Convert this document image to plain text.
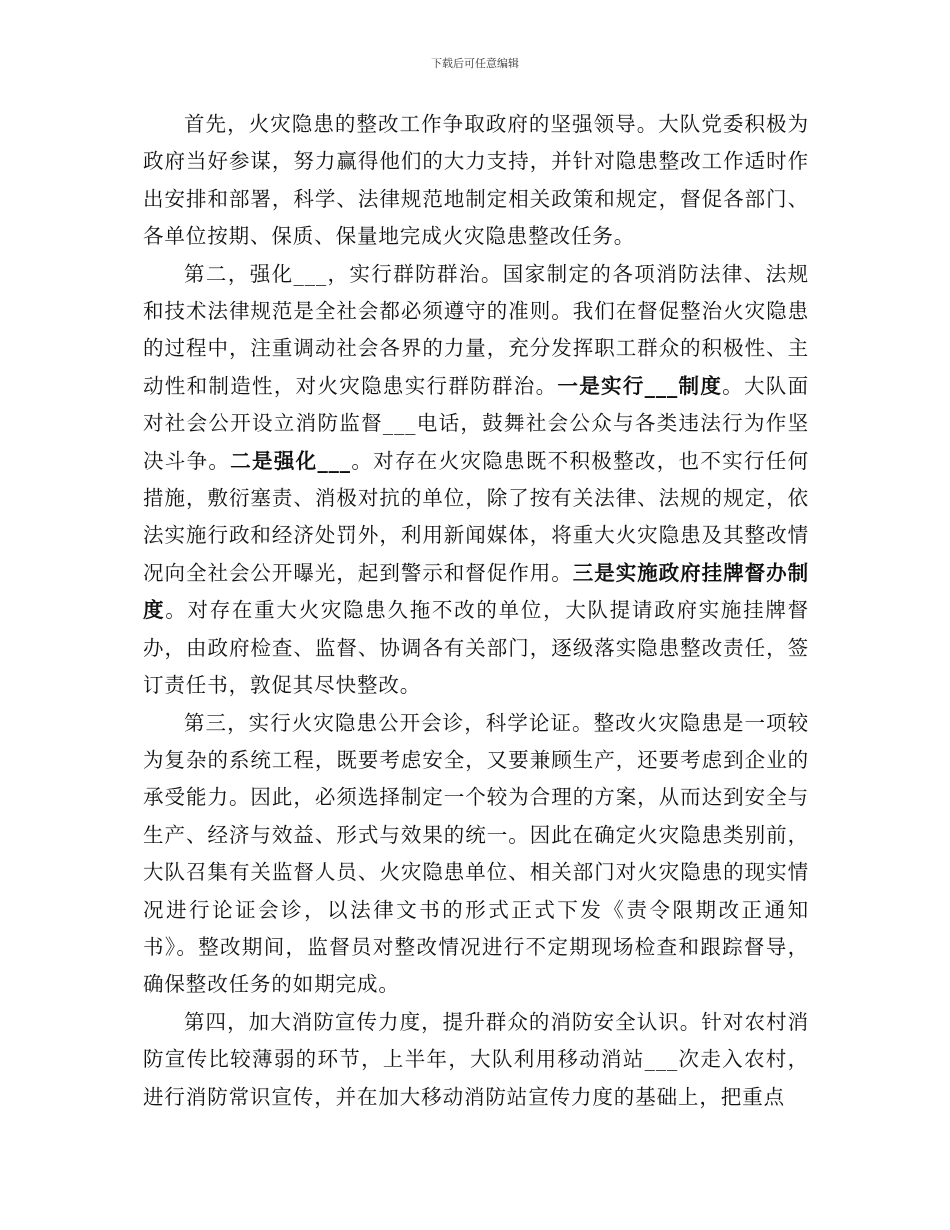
下载后可任意编辑

首先，火灾隐患的整改工作争取政府的坚强领导。大队党委积极为政府当好参谋，努力赢得他们的大力支持，并针对隐患整改工作适时作出安排和部署，科学、法律规范地制定相关政策和规定，督促各部门、各单位按期、保质、保量地完成火灾隐患整改任务。

第二，强化___，实行群防群治。国家制定的各项消防法律、法规和技术法律规范是全社会都必须遵守的准则。我们在督促整治火灾隐患的过程中，注重调动社会各界的力量，充分发挥职工群众的积极性、主动性和制造性，对火灾隐患实行群防群治。一是实行___制度。大队面对社会公开设立消防监督___电话，鼓舞社会公众与各类违法行为作坚决斗争。二是强化___。对存在火灾隐患既不积极整改，也不实行任何措施，敷衍塞责、消极对抗的单位，除了按有关法律、法规的规定，依法实施行政和经济处罚外，利用新闻媒体，将重大火灾隐患及其整改情况向全社会公开曝光，起到警示和督促作用。三是实施政府挂牌督办制度。对存在重大火灾隐患久拖不改的单位，大队提请政府实施挂牌督办，由政府检查、监督、协调各有关部门，逐级落实隐患整改责任，签订责任书，敦促其尽快整改。

第三，实行火灾隐患公开会诊，科学论证。整改火灾隐患是一项较为复杂的系统工程，既要考虑安全，又要兼顾生产，还要考虑到企业的承受能力。因此，必须选择制定一个较为合理的方案，从而达到安全与生产、经济与效益、形式与效果的统一。因此在确定火灾隐患类别前，大队召集有关监督人员、火灾隐患单位、相关部门对火灾隐患的现实情况进行论证会诊，以法律文书的形式正式下发《责令限期改正通知书》。整改期间，监督员对整改情况进行不定期现场检查和跟踪督导，确保整改任务的如期完成。

第四，加大消防宣传力度，提升群众的消防安全认识。针对农村消防宣传比较薄弱的环节，上半年，大队利用移动消站___次走入农村，进行消防常识宣传，并在加大移动消防站宣传力度的基础上，把重点
